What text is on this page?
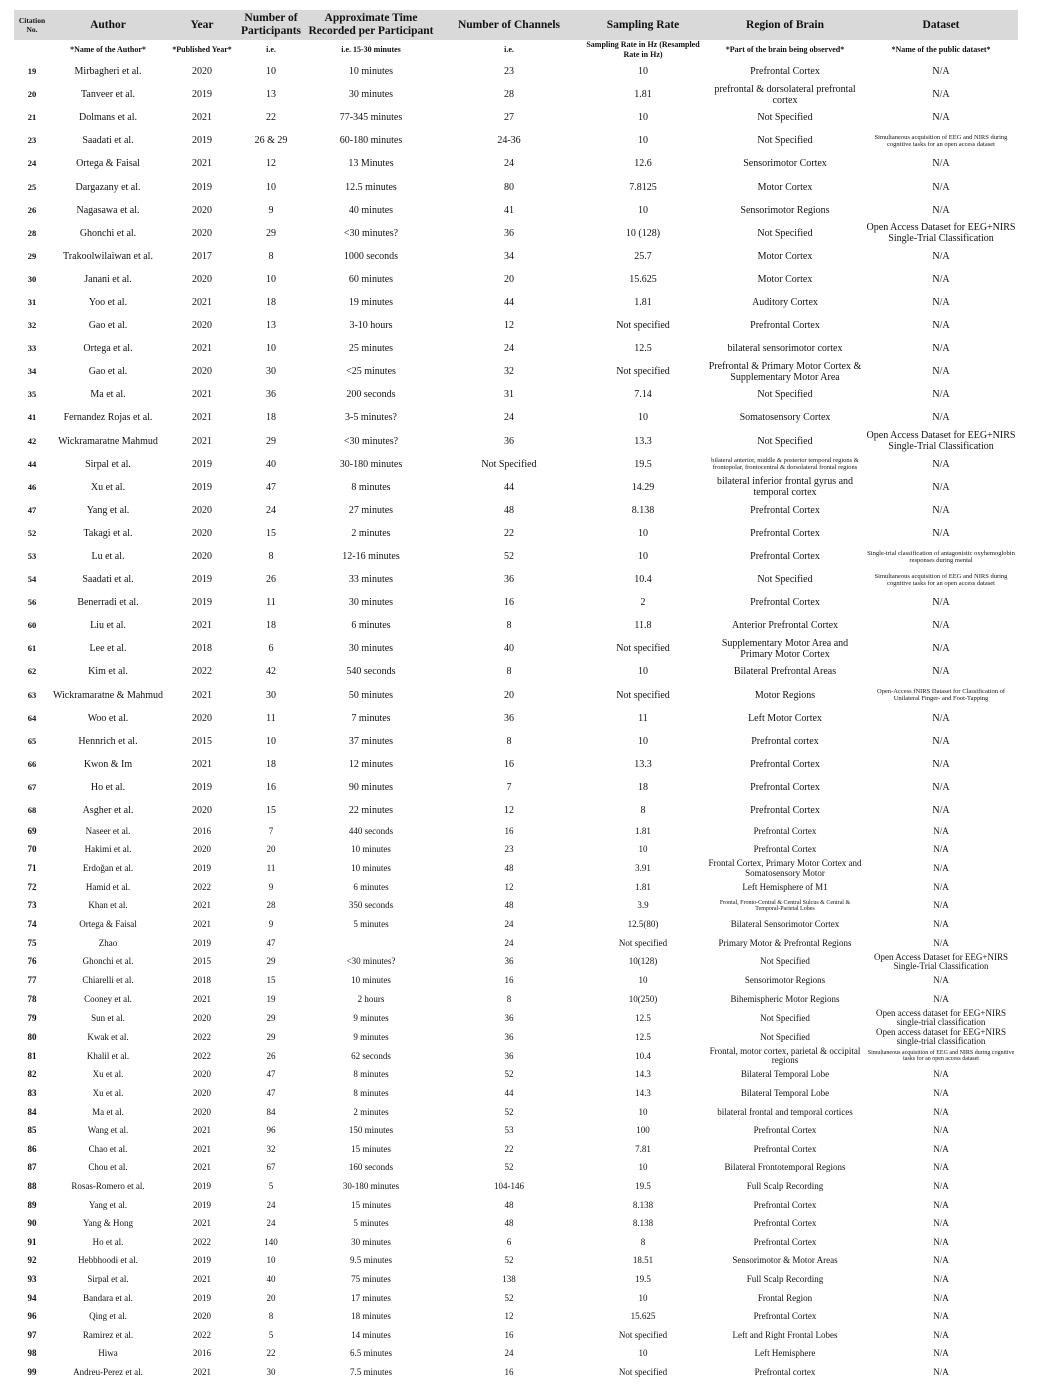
Citation No.	Author	Year	Number of Participants	Approximate Time Recorded per Participant	Number of Channels	Sampling Rate	Region of Brain	Dataset
	*Name of the Author*	*Published Year*	i.e.	i.e. 15-30 minutes	i.e.	Sampling Rate in Hz (Resampled Rate in Hz)	*Part of the brain being observed*	*Name of the public dataset*
19	Mirbagheri et al.	2020	10	10 minutes	23	10	Prefrontal Cortex	N/A
20	Tanveer et al.	2019	13	30 minutes	28	1.81	prefrontal & dorsolateral prefrontal cortex	N/A
21	Dolmans et al.	2021	22	77-345 minutes	27	10	Not Specified	N/A
23	Saadati et al.	2019	26 & 29	60-180 minutes	24-36	10	Not Specified	Simultaneous acquisition of EEG and NIRS during cognitive tasks for an open access dataset
24	Ortega & Faisal	2021	12	13 Minutes	24	12.6	Sensorimotor Cortex	N/A
25	Dargazany et al.	2019	10	12.5 minutes	80	7.8125	Motor Cortex	N/A
26	Nagasawa et al.	2020	9	40 minutes	41	10	Sensorimotor Regions	N/A
28	Ghonchi et al.	2020	29	<30 minutes?	36	10 (128)	Not Specified	Open Access Dataset for EEG+NIRS Single-Trial Classification
29	Trakoolwilaiwan et al.	2017	8	1000 seconds	34	25.7	Motor Cortex	N/A
30	Janani et al.	2020	10	60 minutes	20	15.625	Motor Cortex	N/A
31	Yoo et al.	2021	18	19 minutes	44	1.81	Auditory Cortex	N/A
32	Gao et al.	2020	13	3-10 hours	12	Not specified	Prefrontal Cortex	N/A
33	Ortega et al.	2021	10	25 minutes	24	12.5	bilateral sensorimotor cortex	N/A
34	Gao et al.	2020	30	<25 minutes	32	Not specified	Prefrontal & Primary Motor Cortex & Supplementary Motor Area	N/A
35	Ma et al.	2021	36	200 seconds	31	7.14	Not Specified	N/A
41	Fernandez Rojas et al.	2021	18	3-5 minutes?	24	10	Somatosensory Cortex	N/A
42	Wickramaratne Mahmud	2021	29	<30 minutes?	36	13.3	Not Specified	Open Access Dataset for EEG+NIRS Single-Trial Classification
44	Sirpal et al.	2019	40	30-180 minutes	Not Specified	19.5	bilateral anterior, middle & posterior temporal regions & frontopolar, frontocentral & dorsolateral frontal regions	N/A
46	Xu et al.	2019	47	8 minutes	44	14.29	bilateral inferior frontal gyrus and temporal cortex	N/A
47	Yang et al.	2020	24	27 minutes	48	8.138	Prefrontal Cortex	N/A
52	Takagi et al.	2020	15	2 minutes	22	10	Prefrontal Cortex	N/A
53	Lu et al.	2020	8	12-16 minutes	52	10	Prefrontal Cortex	Single-trial classification of antagonistic oxyhemoglobin responses during mental
54	Saadati et al.	2019	26	33 minutes	36	10.4	Not Specified	Simultaneous acquisition of EEG and NIRS during cognitive tasks for an open access dataset
56	Benerradi et al.	2019	11	30 minutes	16	2	Prefrontal Cortex	N/A
60	Liu et al.	2021	18	6 minutes	8	11.8	Anterior Prefrontal Cortex	N/A
61	Lee et al.	2018	6	30 minutes	40	Not specified	Supplementary Motor Area and Primary Motor Cortex	N/A
62	Kim et al.	2022	42	540 seconds	8	10	Bilateral Prefrontal Areas	N/A
63	Wickramaratne & Mahmud	2021	30	50 minutes	20	Not specified	Motor Regions	Open-Access fNIRS Dataset for Classification of Unilateral Finger- and Foot-Tapping
64	Woo et al.	2020	11	7 minutes	36	11	Left Motor Cortex	N/A
65	Hennrich et al.	2015	10	37 minutes	8	10	Prefrontal cortex	N/A
66	Kwon & Im	2021	18	12 minutes	16	13.3	Prefrontal Cortex	N/A
67	Ho et al.	2019	16	90 minutes	7	18	Prefrontal Cortex	N/A
68	Asgher et al.	2020	15	22 minutes	12	8	Prefrontal Cortex	N/A
69	Naseer et al.	2016	7	440 seconds	16	1.81	Prefrontal Cortex	N/A
70	Hakimi et al.	2020	20	10 minutes	23	10	Prefrontal Cortex	N/A
71	Erdoğan et al.	2019	11	10 minutes	48	3.91	Frontal Cortex, Primary Motor Cortex and Somatosensory Motor	N/A
72	Hamid et al.	2022	9	6 minutes	12	1.81	Left Hemisphere of M1	N/A
73	Khan et al.	2021	28	350 seconds	48	3.9	Frontal, Fronto-Central & Central Sulcus & Central & Temporal-Parietal Lobes	N/A
74	Ortega & Faisal	2021	9	5 minutes	24	12.5(80)	Bilateral Sensorimotor Cortex	N/A
75	Zhao	2019	47		24	Not specified	Primary Motor & Prefrontal Regions	N/A
76	Ghonchi et al.	2015	29	<30 minutes?	36	10(128)	Not Specified	Open Access Dataset for EEG+NIRS Single-Trial Classification
77	Chiarelli et al.	2018	15	10 minutes	16	10	Sensorimotor Regions	N/A
78	Cooney et al.	2021	19	2 hours	8	10(250)	Bihemispheric Motor Regions	N/A
79	Sun et al.	2020	29	9 minutes	36	12.5	Not Specified	Open access dataset for EEG+NIRS single-trial classification
80	Kwak et al.	2022	29	9 minutes	36	12.5	Not Specified	Open access dataset for EEG+NIRS single-trial classification
81	Khalil et al.	2022	26	62 seconds	36	10.4	Frontal, motor cortex, parietal & occipital regions	Simultaneous acquisition of EEG and NIRS during cognitive tasks for an open access dataset
82	Xu et al.	2020	47	8 minutes	52	14.3	Bilateral Temporal Lobe	N/A
83	Xu et al.	2020	47	8 minutes	44	14.3	Bilateral Temporal Lobe	N/A
84	Ma et al.	2020	84	2 minutes	52	10	bilateral frontal and temporal cortices	N/A
85	Wang et al.	2021	96	150 minutes	53	100	Prefrontal Cortex	N/A
86	Chao et al.	2021	32	15 minutes	22	7.81	Prefrontal Cortex	N/A
87	Chou et al.	2021	67	160 seconds	52	10	Bilateral Frontotemporal Regions	N/A
88	Rosas-Romero et al.	2019	5	30-180 minutes	104-146	19.5	Full Scalp Recording	N/A
89	Yang et al.	2019	24	15 minutes	48	8.138	Prefrontal Cortex	N/A
90	Yang & Hong	2021	24	5 minutes	48	8.138	Prefrontal Cortex	N/A
91	Ho et al.	2022	140	30 minutes	6	8	Prefrontal Cortex	N/A
92	Hebbhoodi et al.	2019	10	9.5 minutes	52	18.51	Sensorimotor & Motor Areas	N/A
93	Sirpal et al.	2021	40	75 minutes	138	19.5	Full Scalp Recording	N/A
94	Bandara et al.	2019	20	17 minutes	52	10	Frontal Region	N/A
96	Qing et al.	2020	8	18 minutes	12	15.625	Prefrontal Cortex	N/A
97	Ramirez et al.	2022	5	14 minutes	16	Not specified	Left and Right Frontal Lobes	N/A
98	Hiwa	2016	22	6.5 minutes	24	10	Left Hemisphere	N/A
99	Andreu-Perez et al.	2021	30	7.5 minutes	16	Not specified	Prefrontal cortex	N/A
